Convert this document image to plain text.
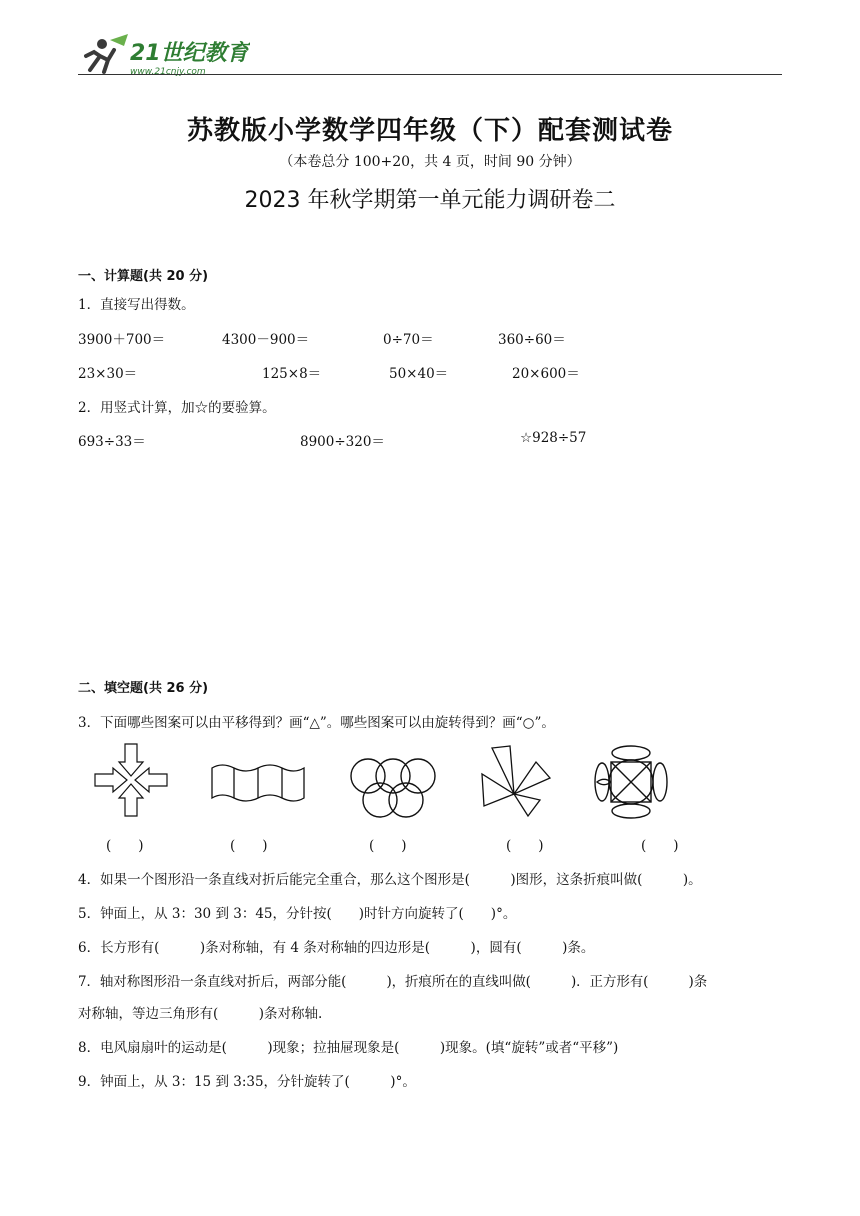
21世纪教育
www.21cnjy.com
苏教版小学数学四年级（下）配套测试卷
（本卷总分 100+20，共 4 页，时间 90 分钟）
2023 年秋学期第一单元能力调研卷二
一、计算题(共 20 分)
1．直接写出得数。
3900＋700＝	4300－900＝	0÷70＝	360÷60＝
23×30＝	125×8＝	50×40＝	20×600＝
2．用竖式计算，加☆的要验算。
693÷33＝	8900÷320＝	☆928÷57
二、填空题(共 26 分)
3．下面哪些图案可以由平移得到？画“△”。哪些图案可以由旋转得到？画“○”。
(　　)	(　　)	(　　)	(　　)	(　　)
4．如果一个图形沿一条直线对折后能完全重合，那么这个图形是(　　　)图形，这条折痕叫做(　　　)。
5．钟面上，从 3：30 到 3：45，分针按(　　)时针方向旋转了(　　)°。
6．长方形有(　　　)条对称轴，有 4 条对称轴的四边形是(　　　)，圆有(　　　)条。
7．轴对称图形沿一条直线对折后，两部分能(　　　)，折痕所在的直线叫做(　　　)．正方形有(　　　)条
对称轴，等边三角形有(　　　)条对称轴.
8．电风扇扇叶的运动是(　　　)现象；拉抽屉现象是(　　　)现象。(填“旋转”或者“平移”)
9．钟面上，从 3：15 到 3:35，分针旋转了(　　　)°。
